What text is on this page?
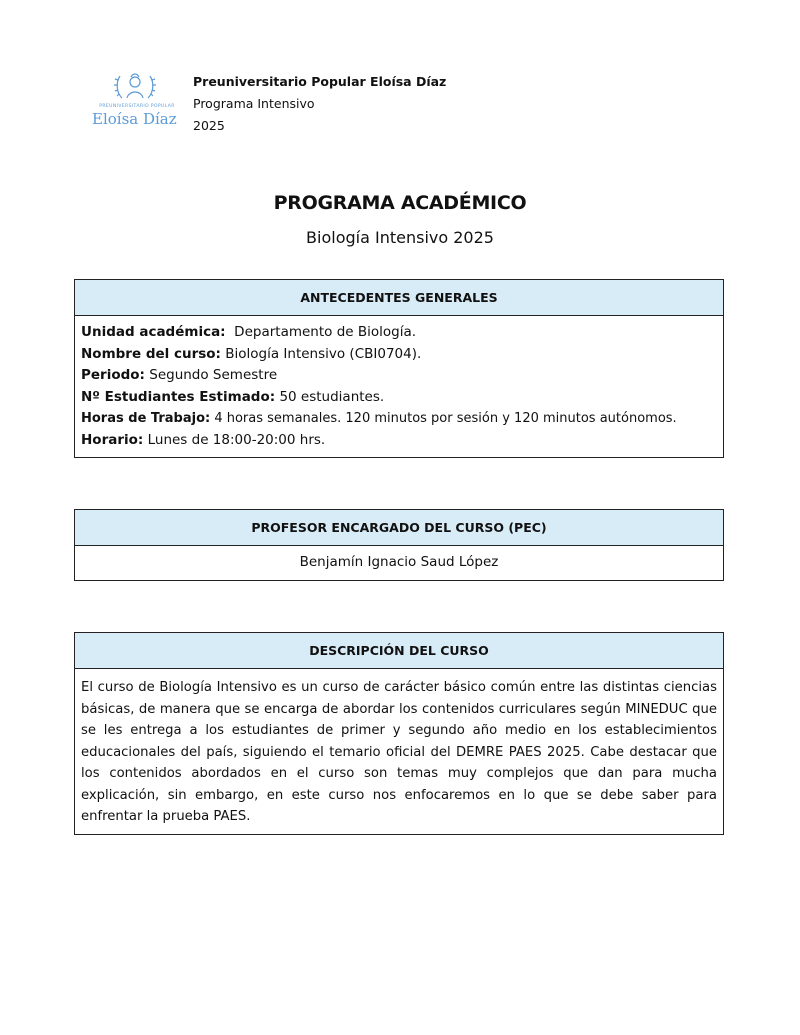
PREUNIVERSITARIO POPULAR
Eloísa Díaz
Preuniversitario Popular Eloísa Díaz
Programa Intensivo
2025
PROGRAMA ACADÉMICO
Biología Intensivo 2025
ANTECEDENTES GENERALES
Unidad académica:  Departamento de Biología.
Nombre del curso: Biología Intensivo (CBI0704).
Periodo: Segundo Semestre
Nº Estudiantes Estimado: 50 estudiantes.
Horas de Trabajo: 4 horas semanales. 120 minutos por sesión y 120 minutos autónomos.
Horario: Lunes de 18:00-20:00 hrs.
PROFESOR ENCARGADO DEL CURSO (PEC)
Benjamín Ignacio Saud López
DESCRIPCIÓN DEL CURSO
El curso de Biología Intensivo es un curso de carácter básico común entre las distintas ciencias básicas, de manera que se encarga de abordar los contenidos curriculares según MINEDUC que se les entrega a los estudiantes de primer y segundo año medio en los establecimientos educacionales del país, siguiendo el temario oficial del DEMRE PAES 2025. Cabe destacar que los contenidos abordados en el curso son temas muy complejos que dan para mucha explicación, sin embargo, en este curso nos enfocaremos en lo que se debe saber para enfrentar la prueba PAES.
